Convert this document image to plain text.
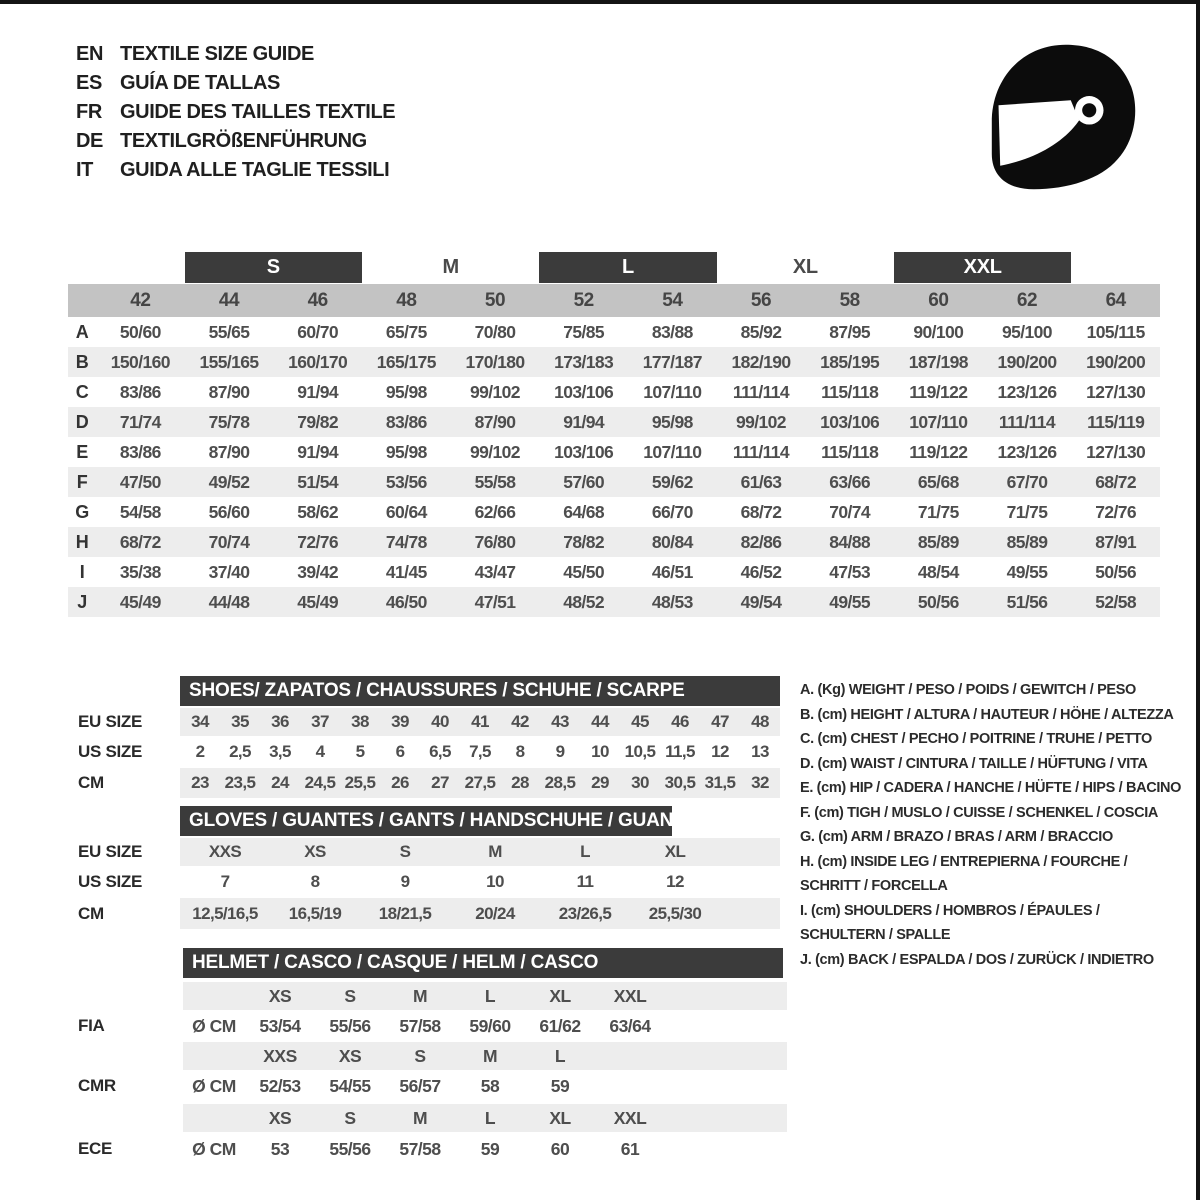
EN TEXTILE SIZE GUIDE
ES GUÍA DE TALLAS
FR GUIDE DES TAILLES TEXTILE
DE TEXTILGRÖßENFÜHRUNG
IT	GUIDA ALLE TAGLIE TESSILI
S	M	L	XL	XXL
42	44	46	48	50	52	54	56	58	60	62	64
A	50/60	55/65	60/70	65/75	70/80	75/85	83/88	85/92	87/95	90/100	95/100	105/115
B	150/160	155/165	160/170	165/175	170/180	173/183	177/187	182/190	185/195	187/198	190/200	190/200
C	83/86	87/90	91/94	95/98	99/102	103/106	107/110	111/114	115/118	119/122	123/126	127/130
D	71/74	75/78	79/82	83/86	87/90	91/94	95/98	99/102	103/106	107/110	111/114	115/119
E	83/86	87/90	91/94	95/98	99/102	103/106	107/110	111/114	115/118	119/122	123/126	127/130
F	47/50	49/52	51/54	53/56	55/58	57/60	59/62	61/63	63/66	65/68	67/70	68/72
G	54/58	56/60	58/62	60/64	62/66	64/68	66/70	68/72	70/74	71/75	71/75	72/76
H	68/72	70/74	72/76	74/78	76/80	78/82	80/84	82/86	84/88	85/89	85/89	87/91
I	35/38	37/40	39/42	41/45	43/47	45/50	46/51	46/52	47/53	48/54	49/55	50/56
J	45/49	44/48	45/49	46/50	47/51	48/52	48/53	49/54	49/55	50/56	51/56	52/58
SHOES/ ZAPATOS / CHAUSSURES / SCHUHE / SCARPE
EU SIZE
US SIZE
CM
34	35	36	37	38	39	40	41	42	43	44	45	46	47	48
2	2,5	3,5	4	5	6	6,5	7,5	8	9	10 10,5 11,5 12	13
23 23,5 24 24,5 25,5 26	27 27,5 28 28,5 29	30 30,5 31,5 32
GLOVES / GUANTES / GANTS / HANDSCHUHE / GUANTI
EU SIZE
US SIZE
CM
XXS	XS	S	M	L	XL
7	8	9	10	11	12
12,5/16,5	16,5/19	18/21,5	20/24	23/26,5	25,5/30
HELMET / CASCO / CASQUE / HELM / CASCO
XS	S	M	L	XL	XXL
FIA	Ø CM	53/54	55/56	57/58	59/60	61/62	63/64
XXS	XS	S	M	L
CMR	Ø CM	52/53	54/55	56/57	58	59
XS	S	M	L	XL	XXL
ECE	Ø CM	53	55/56	57/58	59	60	61
A. (Kg) WEIGHT / PESO / POIDS / GEWITCH / PESO
B. (cm) HEIGHT / ALTURA / HAUTEUR / HÖHE / ALTEZZA
C. (cm) CHEST / PECHO / POITRINE / TRUHE / PETTO
D. (cm) WAIST / CINTURA / TAILLE / HÜFTUNG / VITA
E. (cm) HIP / CADERA / HANCHE / HÜFTE / HIPS / BACINO
F. (cm) TIGH / MUSLO / CUISSE / SCHENKEL / COSCIA
G. (cm) ARM / BRAZO / BRAS / ARM / BRACCIO
H. (cm) INSIDE LEG / ENTREPIERNA / FOURCHE /
SCHRITT / FORCELLA
I. (cm) SHOULDERS / HOMBROS / ÉPAULES /
SCHULTERN / SPALLE
J. (cm) BACK / ESPALDA / DOS / ZURÜCK / INDIETRO
